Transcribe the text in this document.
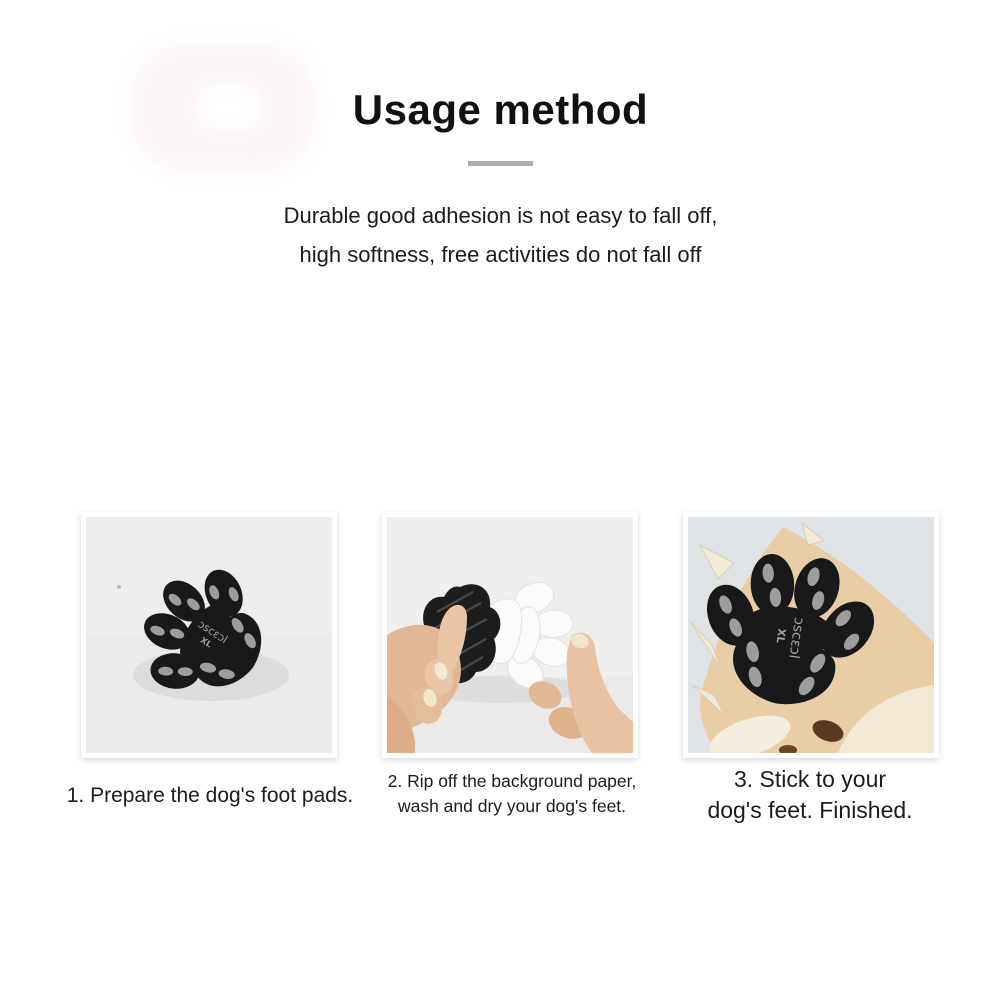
Usage method
Durable good adhesion is not easy to fall off,
high softness, free activities do not fall off
1. Prepare the dog's foot pads.
2. Rip off the background paper,
wash and dry your dog's feet.
3. Stick to your
dog's feet. Finished.
